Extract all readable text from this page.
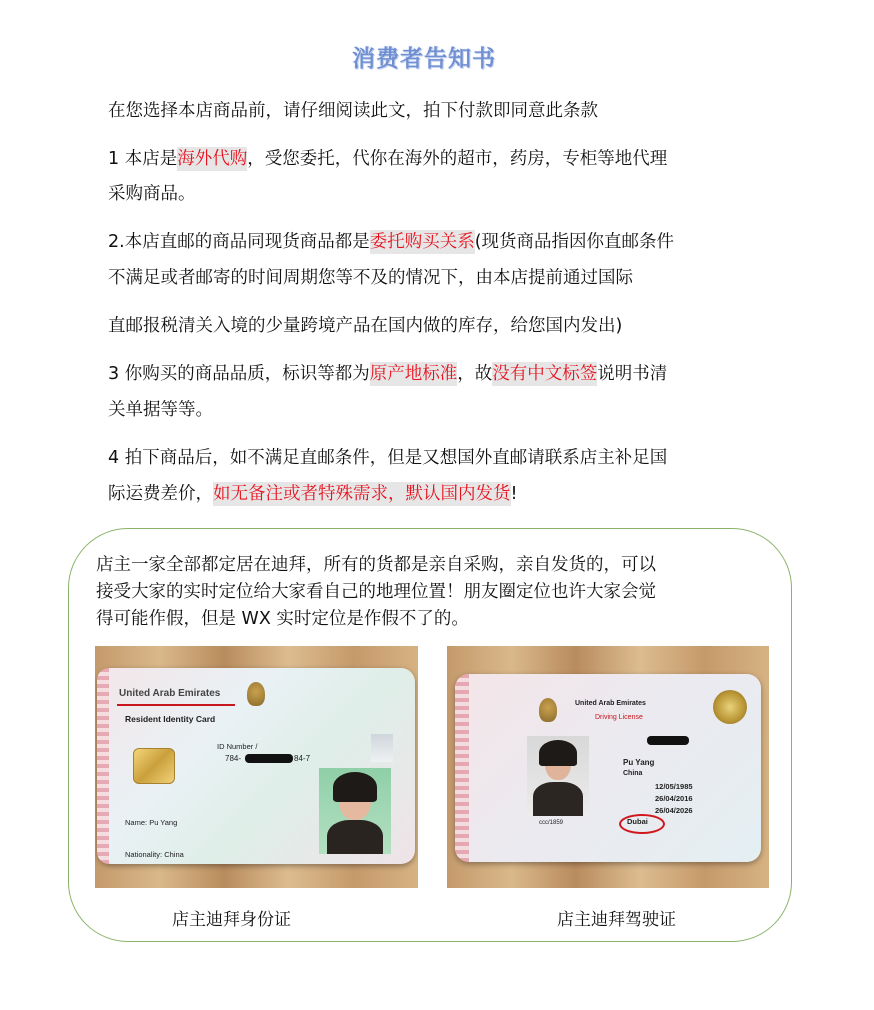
消费者告知书
在您选择本店商品前，请仔细阅读此文，拍下付款即同意此条款
1 本店是海外代购，受您委托，代你在海外的超市，药房，专柜等地代理
采购商品。
2.本店直邮的商品同现货商品都是委托购买关系(现货商品指因你直邮条件
不满足或者邮寄的时间周期您等不及的情况下，由本店提前通过国际
直邮报税清关入境的少量跨境产品在国内做的库存，给您国内发出)
3 你购买的商品品质，标识等都为原产地标准，故没有中文标签说明书清
关单据等等。
4 拍下商品后，如不满足直邮条件，但是又想国外直邮请联系店主补足国
际运费差价，如无备注或者特殊需求，默认国内发货!
店主一家全部都定居在迪拜，所有的货都是亲自采购，亲自发货的，可以
接受大家的实时定位给大家看自己的地理位置！朋友圈定位也许大家会觉
得可能作假，但是 WX 实时定位是作假不了的。
United Arab Emirates
Resident Identity Card
ID Number /
784-	84-7
Name: Pu Yang
Nationality: China
United Arab Emirates
Driving License
Pu Yang
China
12/05/1985
26/04/2016
26/04/2026
Dubai
ccc/1859
店主迪拜身份证	店主迪拜驾驶证
